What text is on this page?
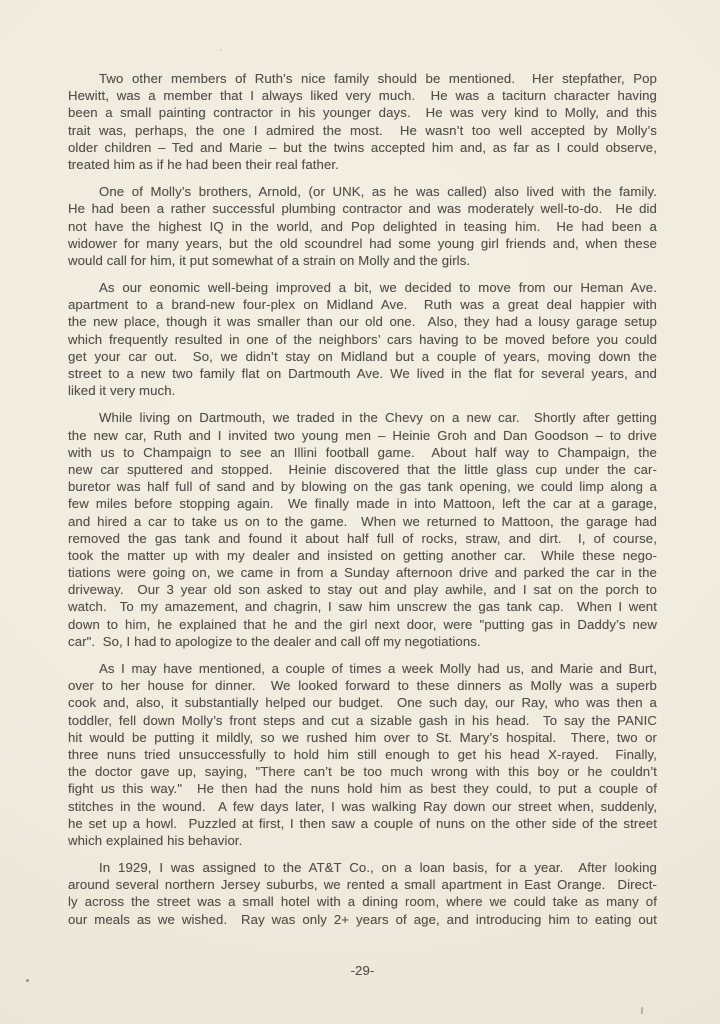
Two other members of Ruth’s nice family should be mentioned.  Her stepfather, Pop
Hewitt, was a member that I always liked very much.  He was a taciturn character having
been a small painting contractor in his younger days.  He was very kind to Molly, and this
trait was, perhaps, the one I admired the most.  He wasn’t too well accepted by Molly’s
older children – Ted and Marie – but the twins accepted him and, as far as I could observe,
treated him as if he had been their real father.
One of Molly’s brothers, Arnold, (or UNK, as he was called) also lived with the family.
He had been a rather successful plumbing contractor and was moderately well-to-do.  He did
not have the highest IQ in the world, and Pop delighted in teasing him.  He had been a
widower for many years, but the old scoundrel had some young girl friends and, when these
would call for him, it put somewhat of a strain on Molly and the girls.
As our eonomic well-being improved a bit, we decided to move from our Heman Ave.
apartment to a brand-new four-plex on Midland Ave.  Ruth was a great deal happier with
the new place, though it was smaller than our old one.  Also, they had a lousy garage setup
which frequently resulted in one of the neighbors’ cars having to be moved before you could
get your car out.  So, we didn’t stay on Midland but a couple of years, moving down the
street to a new two family flat on Dartmouth Ave. We lived in the flat for several years, and
liked it very much.
While living on Dartmouth, we traded in the Chevy on a new car.  Shortly after getting
the new car, Ruth and I invited two young men – Heinie Groh and Dan Goodson – to drive
with us to Champaign to see an Illini football game.  About half way to Champaign, the
new car sputtered and stopped.  Heinie discovered that the little glass cup under the car-
buretor was half full of sand and by blowing on the gas tank opening, we could limp along a
few miles before stopping again.  We finally made in into Mattoon, left the car at a garage,
and hired a car to take us on to the game.  When we returned to Mattoon, the garage had
removed the gas tank and found it about half full of rocks, straw, and dirt.  I, of course,
took the matter up with my dealer and insisted on getting another car.  While these nego-
tiations were going on, we came in from a Sunday afternoon drive and parked the car in the
driveway.  Our 3 year old son asked to stay out and play awhile, and I sat on the porch to
watch.  To my amazement, and chagrin, I saw him unscrew the gas tank cap.  When I went
down to him, he explained that he and the girl next door, were "putting gas in Daddy’s new
car".  So, I had to apologize to the dealer and call off my negotiations.
As I may have mentioned, a couple of times a week Molly had us, and Marie and Burt,
over to her house for dinner.  We looked forward to these dinners as Molly was a superb
cook and, also, it substantially helped our budget.  One such day, our Ray, who was then a
toddler, fell down Molly’s front steps and cut a sizable gash in his head.  To say the PANIC
hit would be putting it mildly, so we rushed him over to St. Mary’s hospital.  There, two or
three nuns tried unsuccessfully to hold him still enough to get his head X-rayed.  Finally,
the doctor gave up, saying, "There can’t be too much wrong with this boy or he couldn’t
fight us this way."  He then had the nuns hold him as best they could, to put a couple of
stitches in the wound.  A few days later, I was walking Ray down our street when, suddenly,
he set up a howl.  Puzzled at first, I then saw a couple of nuns on the other side of the street
which explained his behavior.
In 1929, I was assigned to the AT&T Co., on a loan basis, for a year.  After looking
around several northern Jersey suburbs, we rented a small apartment in East Orange.  Direct-
ly across the street was a small hotel with a dining room, where we could take as many of
our meals as we wished.  Ray was only 2+ years of age, and introducing him to eating out
-29-
